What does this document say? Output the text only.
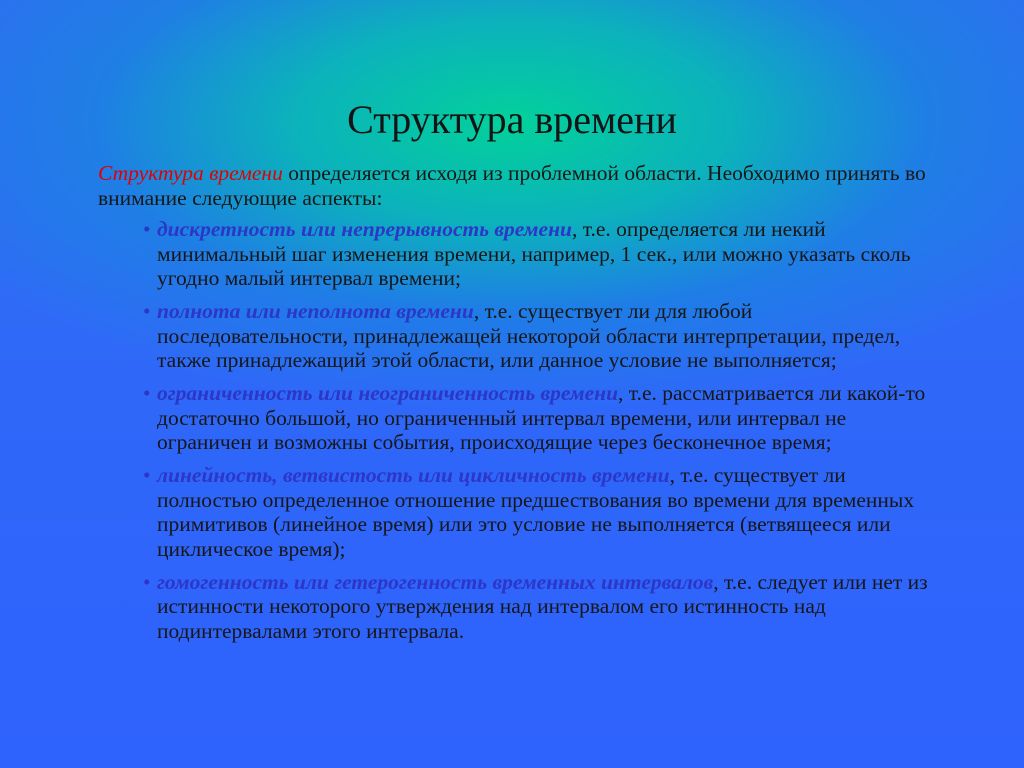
Структура времени
Структура времени определяется исходя из проблемной области. Необходимо принять во внимание следующие аспекты:
• дискретность или непрерывность времени, т.е. определяется ли некий минимальный шаг изменения времени, например, 1 сек., или можно указать сколь угодно малый интервал времени;
• полнота или неполнота времени, т.е. существует ли для любой последовательности, принадлежащей некоторой области интерпретации, предел, также принадлежащий этой области, или данное условие не выполняется;
• ограниченность или неограниченность времени, т.е. рассматривается ли какой-то достаточно большой, но ограниченный интервал времени, или интервал не ограничен и возможны события, происходящие через бесконечное время;
• линейность, ветвистость или цикличность времени, т.е. существует ли полностью определенное отношение предшествования во времени для временных примитивов (линейное время) или это условие не выполняется (ветвящееся или циклическое время);
• гомогенность или гетерогенность временных интервалов, т.е. следует или нет из истинности некоторого утверждения над интервалом его истинность над подинтервалами этого интервала.
